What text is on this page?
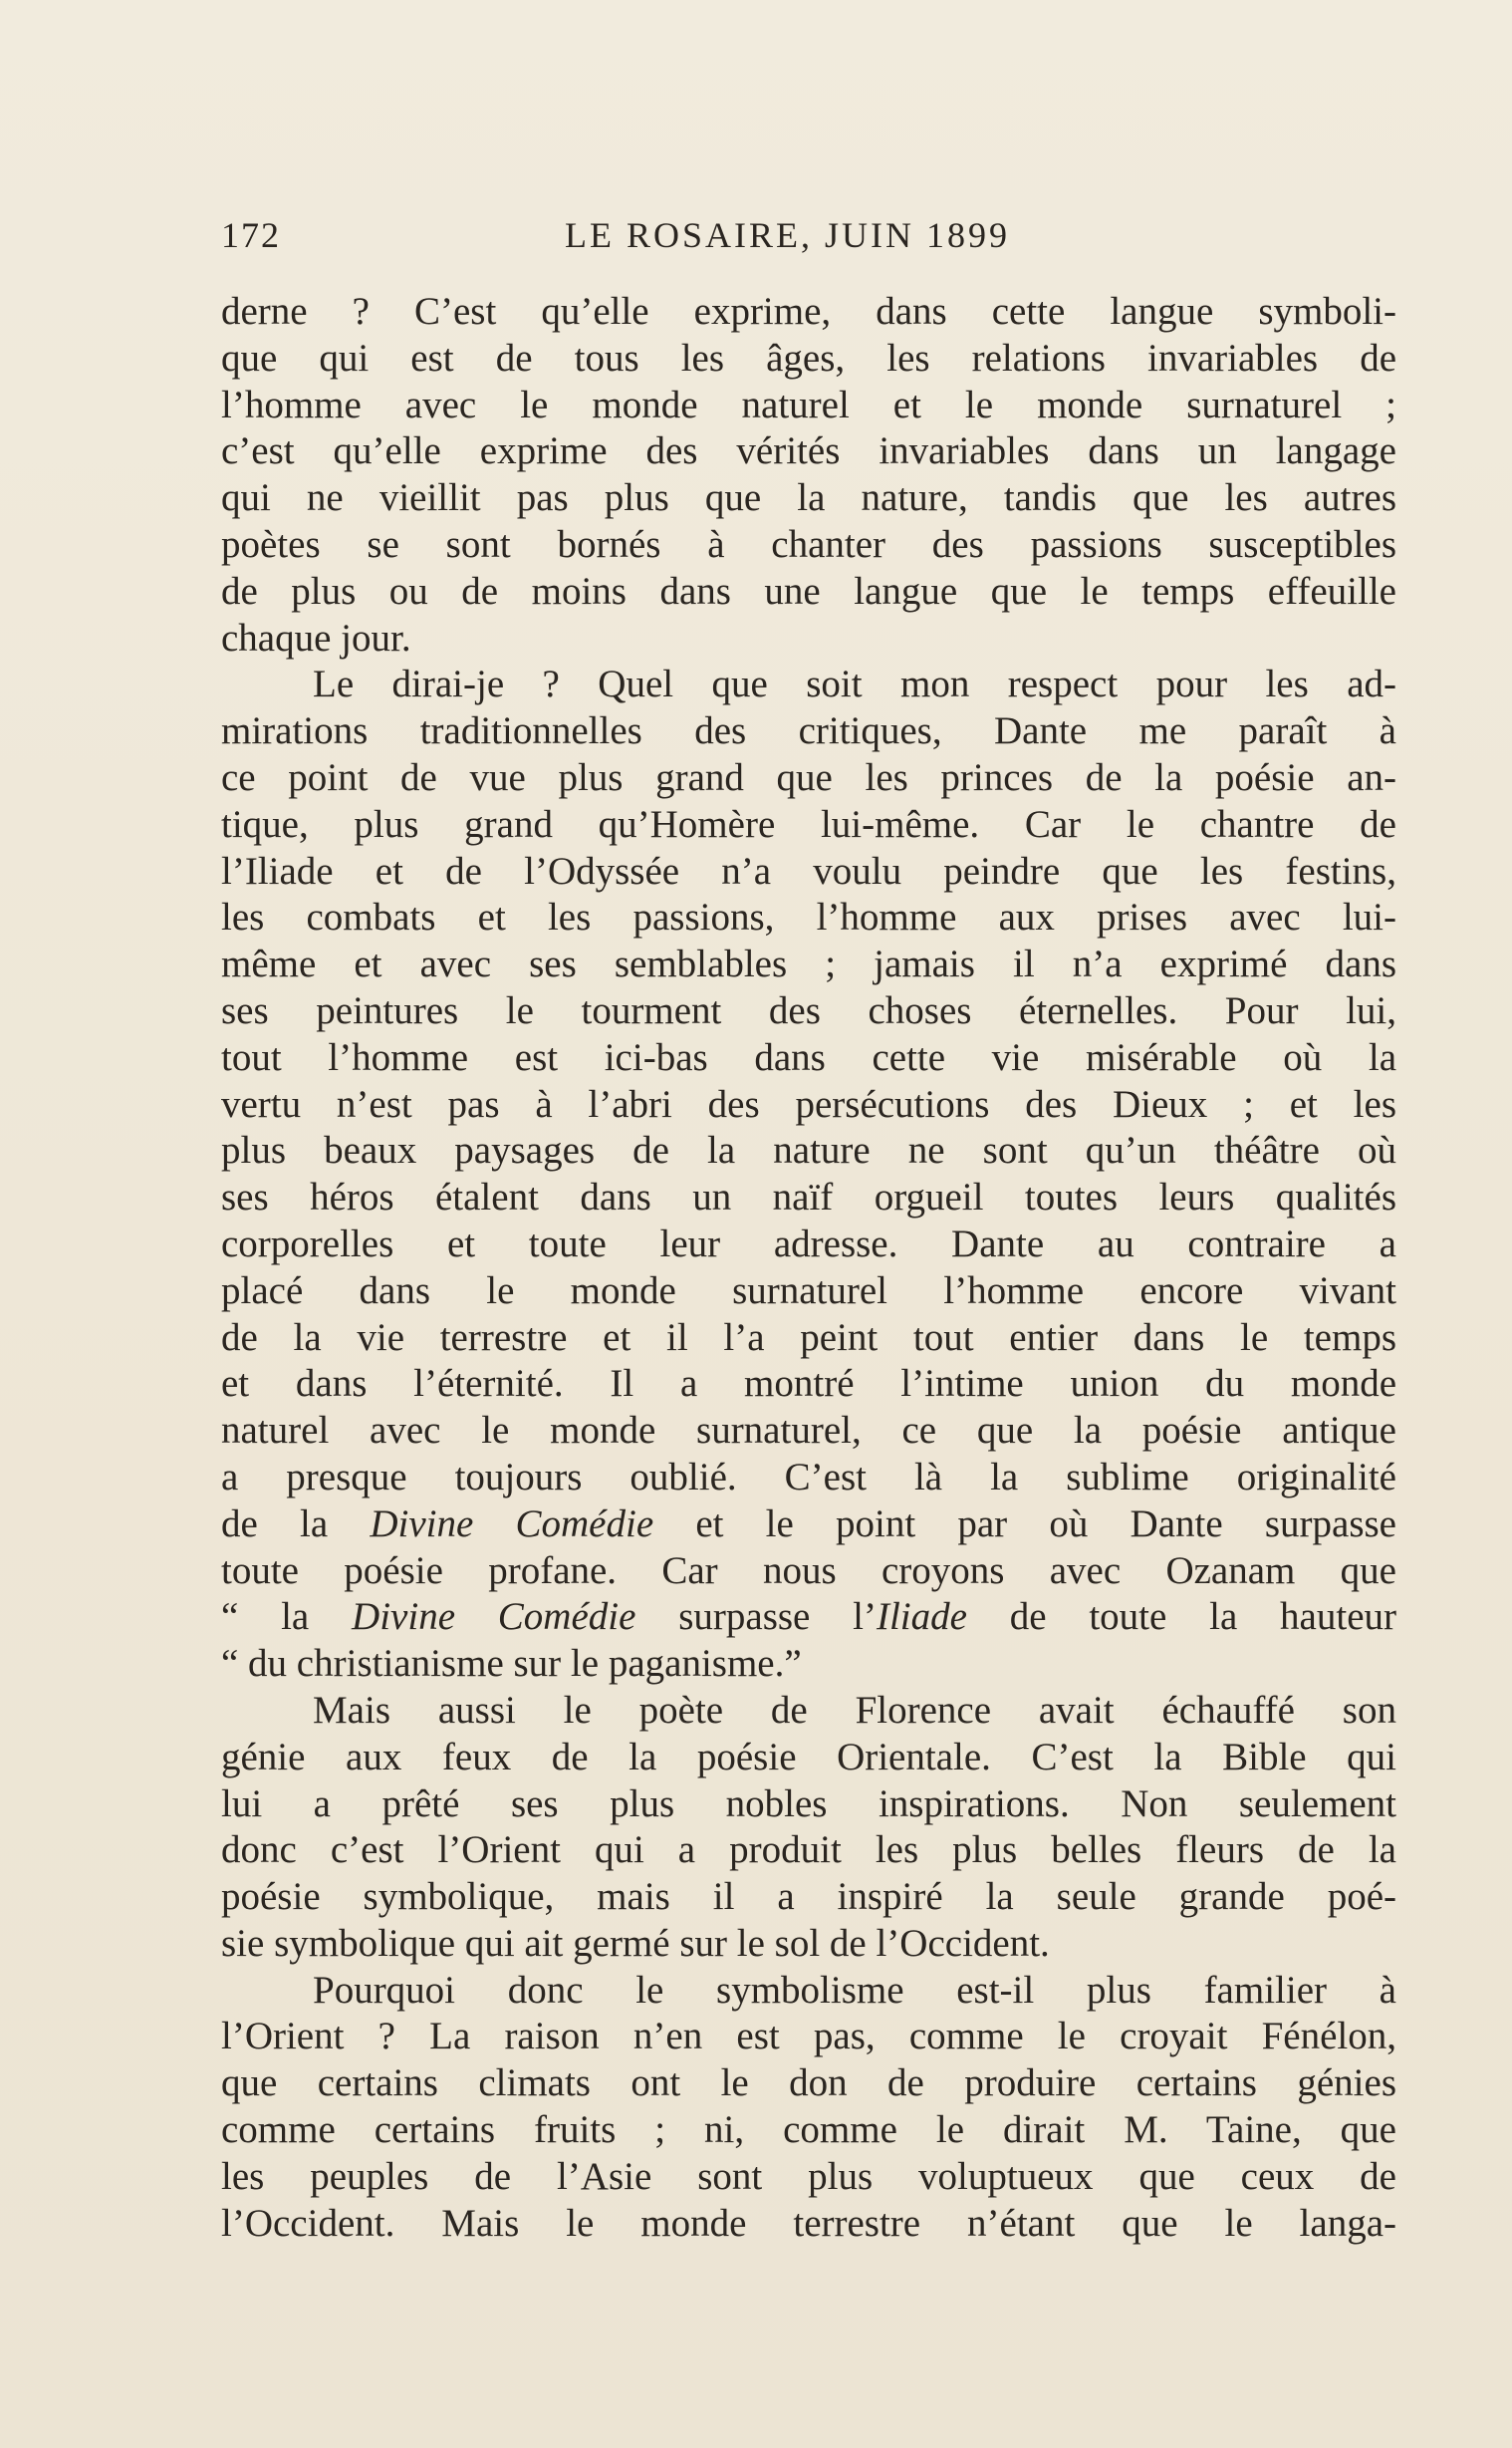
172	LE ROSAIRE, JUIN 1899
derne ? C’est qu’elle exprime, dans cette langue symboli-
que qui est de tous les âges, les relations invariables de
l’homme avec le monde naturel et le monde surnaturel ;
c’est qu’elle exprime des vérités invariables dans un langage
qui ne vieillit pas plus que la nature, tandis que les autres
poètes se sont bornés à chanter des passions susceptibles
de plus ou de moins dans une langue que le temps effeuille
chaque jour.
Le dirai-je ? Quel que soit mon respect pour les ad-
mirations traditionnelles des critiques, Dante me paraît à
ce point de vue plus grand que les princes de la poésie an-
tique, plus grand qu’Homère lui-même. Car le chantre de
l’Iliade et de l’Odyssée n’a voulu peindre que les festins,
les combats et les passions, l’homme aux prises avec lui-
même et avec ses semblables ; jamais il n’a exprimé dans
ses peintures le tourment des choses éternelles. Pour lui,
tout l’homme est ici-bas dans cette vie misérable où la
vertu n’est pas à l’abri des persécutions des Dieux ; et les
plus beaux paysages de la nature ne sont qu’un théâtre où
ses héros étalent dans un naïf orgueil toutes leurs qualités
corporelles et toute leur adresse. Dante au contraire a
placé dans le monde surnaturel l’homme encore vivant
de la vie terrestre et il l’a peint tout entier dans le temps
et dans l’éternité. Il a montré l’intime union du monde
naturel avec le monde surnaturel, ce que la poésie antique
a presque toujours oublié. C’est là la sublime originalité
de la Divine Comédie et le point par où Dante surpasse
toute poésie profane. Car nous croyons avec Ozanam que
“ la Divine Comédie surpasse l’Iliade de toute la hauteur
“ du christianisme sur le paganisme.”
Mais aussi le poète de Florence avait échauffé son
génie aux feux de la poésie Orientale. C’est la Bible qui
lui a prêté ses plus nobles inspirations. Non seulement
donc c’est l’Orient qui a produit les plus belles fleurs de la
poésie symbolique, mais il a inspiré la seule grande poé-
sie symbolique qui ait germé sur le sol de l’Occident.
Pourquoi donc le symbolisme est-il plus familier à
l’Orient ? La raison n’en est pas, comme le croyait Fénélon,
que certains climats ont le don de produire certains génies
comme certains fruits ; ni, comme le dirait M. Taine, que
les peuples de l’Asie sont plus voluptueux que ceux de
l’Occident. Mais le monde terrestre n’étant que le langa-
